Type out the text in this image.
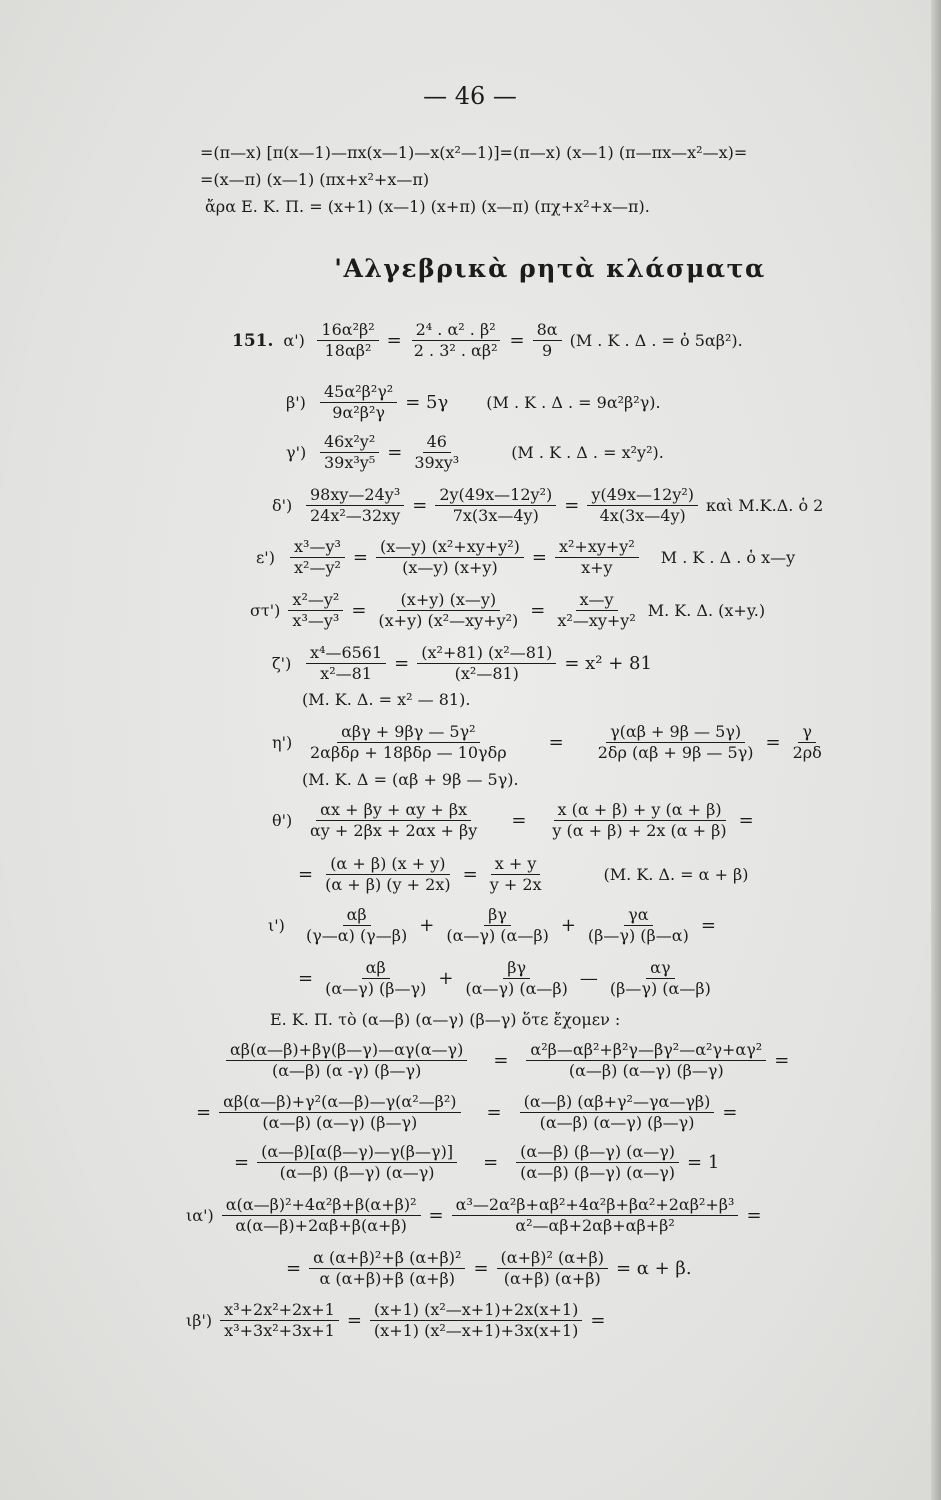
— 46 —
=(π—x) [π(x—1)—πx(x—1)—x(x²—1)]=(π—x) (x—1) (π—πx—x²—x)=
=(x—π) (x—1) (πx+x²+x—π)
ἄρα Ε. Κ. Π. = (x+1) (x—1) (x+π) (x—π) (πχ+x²+x—π).
'Αλγεβρικὰ ρητὰ κλάσματα
151. $\alpha') \frac{\text{16α²β²}}{\text{18αβ²}} = \frac{\text{2⁴ . α² . β²}}{\text{2 . 3² . αβ²}} = \frac{8\alpha}{9} (M$ . Κ . Δ . = ὁ 5αβ²).
$\beta') \frac{\text{45α²β²γ²}}{\text{9α²β²γ}} = 5\gamma$ (Μ . Κ . Δ . = 9α²β²γ).
$\gamma') \frac{\text{46x²y²}}{\text{39x³y⁵}} = \frac{46}{\text{39xy³}}$	(Μ . Κ . Δ . = x²y²).
$\delta') \frac{\text{98xy—24y³}}{\text{24x²—32xy}} = \frac{\text{2y(49x—12y²)}}{7x(3x—4y)} = \frac{\text{y(49x—12y²)}}{4x(3x—4y)}$ καὶ Μ.Κ.Δ. ὁ 2
$\varepsilon') \frac{\text{x³—y³}}{\text{x²—y²}} = \frac{\text{(x—y) (x²+xy+y²)}}{(x—y) (x+y)} = \frac{\text{x²+xy+y²}}{x+y}$ Μ . Κ . Δ . ὁ x—y
$\sigma\tau') \frac{\text{x²—y²}}{\text{x³—y³}} = \frac{(x+y) (x—y)}{\text{(x+y) (x²—xy+y²)}} = \frac{x—y}{\text{x²—xy+y²}} M$. Κ. Δ. (x+y.)
$\zeta') \frac{\text{x⁴—6561}}{\text{x²—81}} = \frac{\text{(x²+81) (x²—81)}}{\text{(x²—81)}} = x^2 + 81$
(Μ. Κ. Δ. = x² — 81).
η')
αβγ + 9βγ — 5γ²
2αβδρ + 18βδρ — $10\gamma\delta\rho = \frac{\gamma(\alpha\beta + 9\beta — 5\gamma)}{2\delta\rho (\alpha\beta + 9\beta — 5\gamma)} = \frac{\gamma}{2\rho\delta}$
(Μ. Κ. Δ = (αβ + 9β — 5γ).
$\theta') \frac{\alpha x + \beta y + \alpha y + \beta x}{\alpha y + 2\beta x + 2\alpha x + \beta y} = \frac{x (\alpha + \beta) + y (\alpha + \beta)}{y (\alpha + \beta) + 2x (\alpha + \beta)}$ =
= $\frac{(\alpha + \beta) (x + y)}{(\alpha + \beta) (y + 2x)} = \frac{x + y}{y + 2x}$	(Μ. Κ. Δ. = α + β)
ι')
αβ
(γ—α) (γ—β) + $\frac{\beta\gamma}{(\alpha—\gamma) (\alpha—\beta)} + \frac{\gamma\alpha}{(\beta—\gamma) (\beta—\alpha)}$ =
= $\frac{\alpha\beta}{(\alpha—\gamma) (\beta—\gamma)} + \frac{\beta\gamma}{(\alpha—\gamma) (\alpha—\beta)}$ —
αγ
(β—γ) (α—β)
Ε. Κ. Π. τὸ (α—β) (α—γ) (β—γ) ὅτε ἔχομεν :
$\frac{\alpha\beta(\alpha—\beta)+\beta\gamma(\beta—\gamma)—\alpha\gamma(\alpha—\gamma)}{(\alpha—\beta) (\alpha -\gamma) (\beta—\gamma)} = \frac{\text{α²β—αβ²+β²γ—βγ²—α²γ+αγ²}}{(\alpha—\beta) (\alpha—\gamma) (\beta—\gamma)}$ =
= $\frac{\text{αβ(α—β)+γ²(α—β)—γ(α²—β²)}}{(\alpha—\beta) (\alpha—\gamma) (\beta—\gamma)} = \frac{\text{(α—β) (αβ+γ²—γα—γβ)}}{(\alpha—\beta) (\alpha—\gamma) (\beta—\gamma)}$ =
= $\frac{(\alpha—\beta)[\alpha(\beta—\gamma)—\gamma(\beta—\gamma)]}{(\alpha—\beta) (\beta—\gamma) (\alpha—\gamma)} = \frac{(\alpha—\beta) (\beta—\gamma) (\alpha—\gamma)}{(\alpha—\beta) (\beta—\gamma) (\alpha—\gamma)} = 1$
$\iota\alpha') \frac{\text{α(α—β)²+4α²β+β(α+β)²}}{\alpha(\alpha—\beta)+2\alpha\beta+\beta(\alpha+\beta)} = \frac{\text{α³—2α²β+αβ²+4α²β+βα²+2αβ²+β³}}{\text{α²—αβ+2αβ+αβ+β²}}$ =
= $\frac{\text{α (α+β)²+β (α+β)²}}{\alpha (\alpha+\beta)+\beta (\alpha+\beta)} = \frac{\text{(α+β)² (α+β)}}{(\alpha+\beta) (\alpha+\beta)} = \alpha + \beta$.
$\iota\beta') \frac{\text{x³+2x²+2x+1}}{\text{x³+3x²+3x+1}} = \frac{\text{(x+1) (x²—x+1)+2x(x+1)}}{\text{(x+1) (x²—x+1)+3x(x+1)}}$ =
